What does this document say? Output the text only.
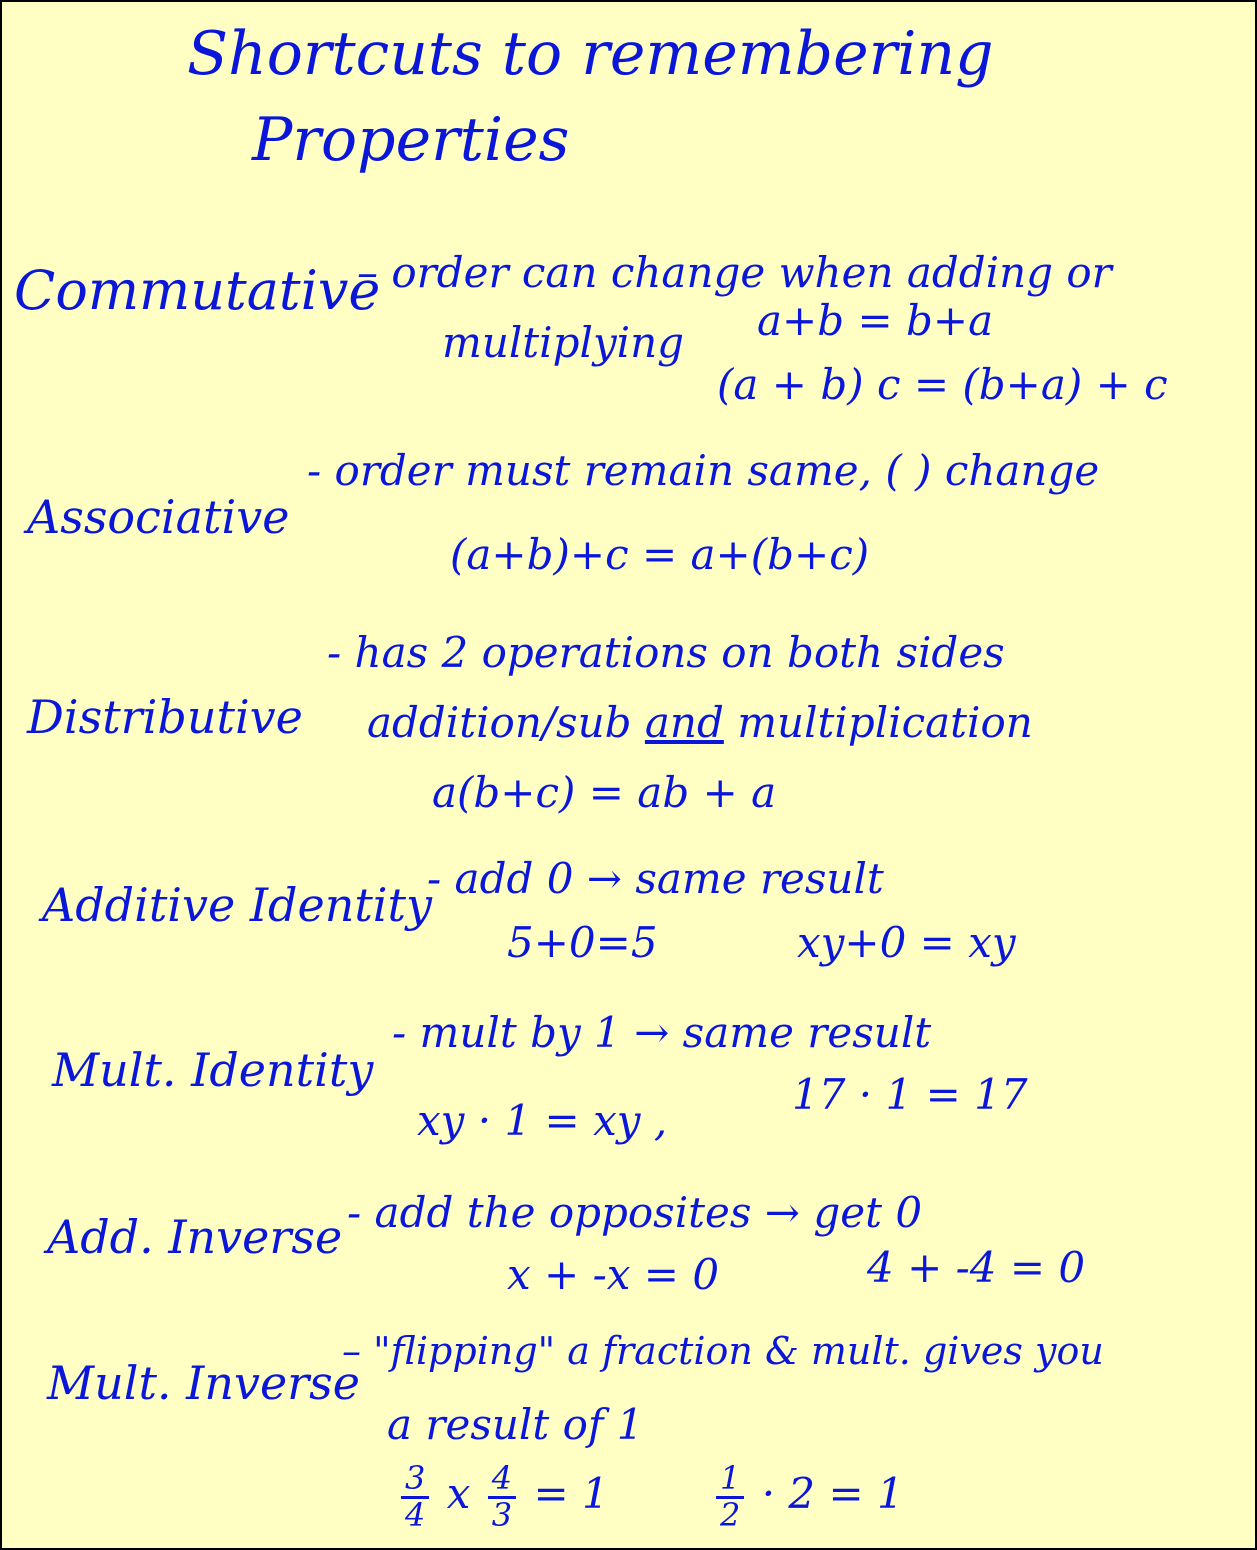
Shortcuts to remembering
Properties
Commutative
– order can change when adding or
multiplying a+b = b+a
(a + b) c = (b+a) + c
Associative
- order must remain same, ( ) change
(a+b)+c = a+(b+c)
Distributive
- has 2 operations on both sides
addition/sub and multiplication
a(b+c) = ab + a
Additive Identity
- add 0 → same result
5+0=5	xy+0 = xy
Mult. Identity
- mult by 1 → same result
xy · 1 = xy ,
17 · 1 = 17
Add. Inverse - add the opposites → get 0
x + -x = 0	4 + -4 = 0
Mult. Inverse
– "flipping" a fraction & mult. gives you
a result of 1
$\frac{3}{4}$ x $\frac{4}{3} = 1$	$\frac{1}{2} \cdot 2 = 1$
